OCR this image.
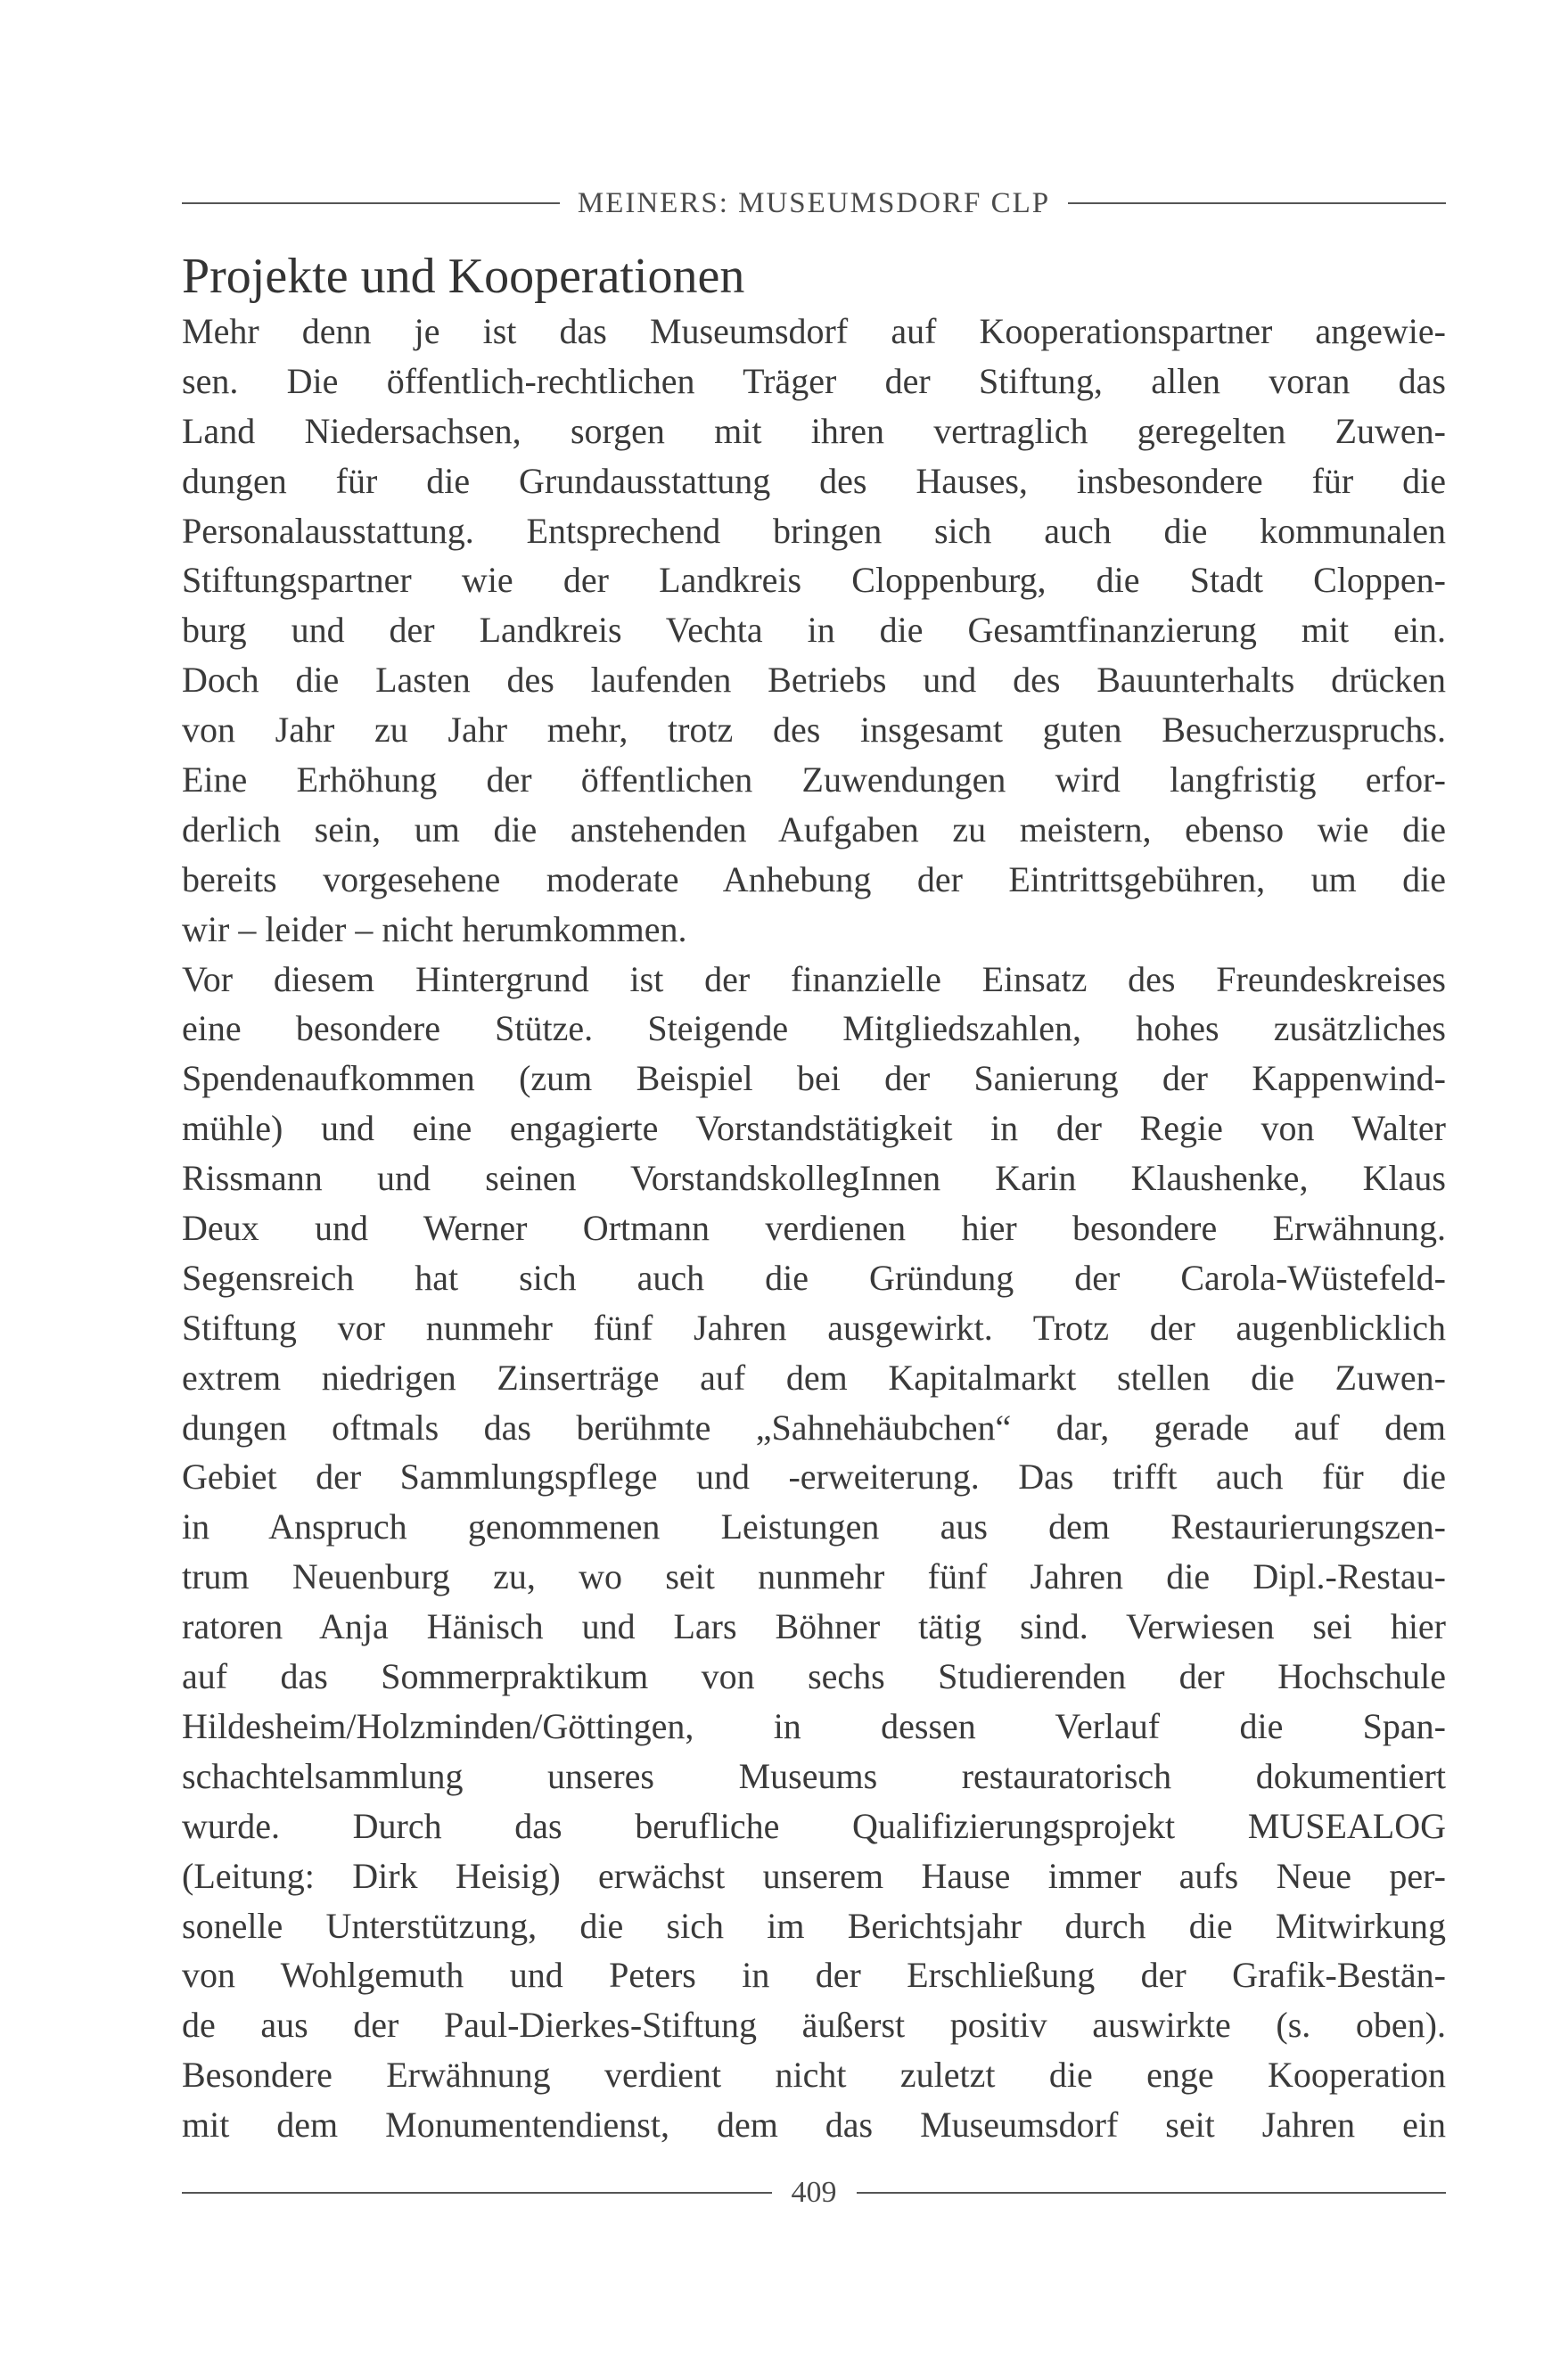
MEINERS: MUSEUMSDORF CLP
Projekte und Kooperationen
Mehr denn je ist das Museumsdorf auf Kooperationspartner angewie-
sen. Die öffentlich-rechtlichen Träger der Stiftung, allen voran das
Land Niedersachsen, sorgen mit ihren vertraglich geregelten Zuwen-
dungen für die Grundausstattung des Hauses, insbesondere für die
Personalausstattung. Entsprechend bringen sich auch die kommunalen
Stiftungspartner wie der Landkreis Cloppenburg, die Stadt Cloppen-
burg und der Landkreis Vechta in die Gesamtfinanzierung mit ein.
Doch die Lasten des laufenden Betriebs und des Bauunterhalts drücken
von Jahr zu Jahr mehr, trotz des insgesamt guten Besucherzuspruchs.
Eine Erhöhung der öffentlichen Zuwendungen wird langfristig erfor-
derlich sein, um die anstehenden Aufgaben zu meistern, ebenso wie die
bereits vorgesehene moderate Anhebung der Eintrittsgebühren, um die
wir – leider – nicht herumkommen.
Vor diesem Hintergrund ist der finanzielle Einsatz des Freundeskreises
eine besondere Stütze. Steigende Mitgliedszahlen, hohes zusätzliches
Spendenaufkommen (zum Beispiel bei der Sanierung der Kappenwind-
mühle) und eine engagierte Vorstandstätigkeit in der Regie von Walter
Rissmann und seinen VorstandskollegInnen Karin Klaushenke, Klaus
Deux und Werner Ortmann verdienen hier besondere Erwähnung.
Segensreich hat sich auch die Gründung der Carola-Wüstefeld-
Stiftung vor nunmehr fünf Jahren ausgewirkt. Trotz der augenblicklich
extrem niedrigen Zinserträge auf dem Kapitalmarkt stellen die Zuwen-
dungen oftmals das berühmte „Sahnehäubchen“ dar, gerade auf dem
Gebiet der Sammlungspflege und -erweiterung. Das trifft auch für die
in Anspruch genommenen Leistungen aus dem Restaurierungszen-
trum Neuenburg zu, wo seit nunmehr fünf Jahren die Dipl.-Restau-
ratoren Anja Hänisch und Lars Böhner tätig sind. Verwiesen sei hier
auf das Sommerpraktikum von sechs Studierenden der Hochschule
Hildesheim/Holzminden/Göttingen, in dessen Verlauf die Span-
schachtelsammlung unseres Museums restauratorisch dokumentiert
wurde. Durch das berufliche Qualifizierungsprojekt MUSEALOG
(Leitung: Dirk Heisig) erwächst unserem Hause immer aufs Neue per-
sonelle Unterstützung, die sich im Berichtsjahr durch die Mitwirkung
von Wohlgemuth und Peters in der Erschließung der Grafik-Bestän-
de aus der Paul-Dierkes-Stiftung äußerst positiv auswirkte (s. oben).
Besondere Erwähnung verdient nicht zuletzt die enge Kooperation
mit dem Monumentendienst, dem das Museumsdorf seit Jahren ein
409
